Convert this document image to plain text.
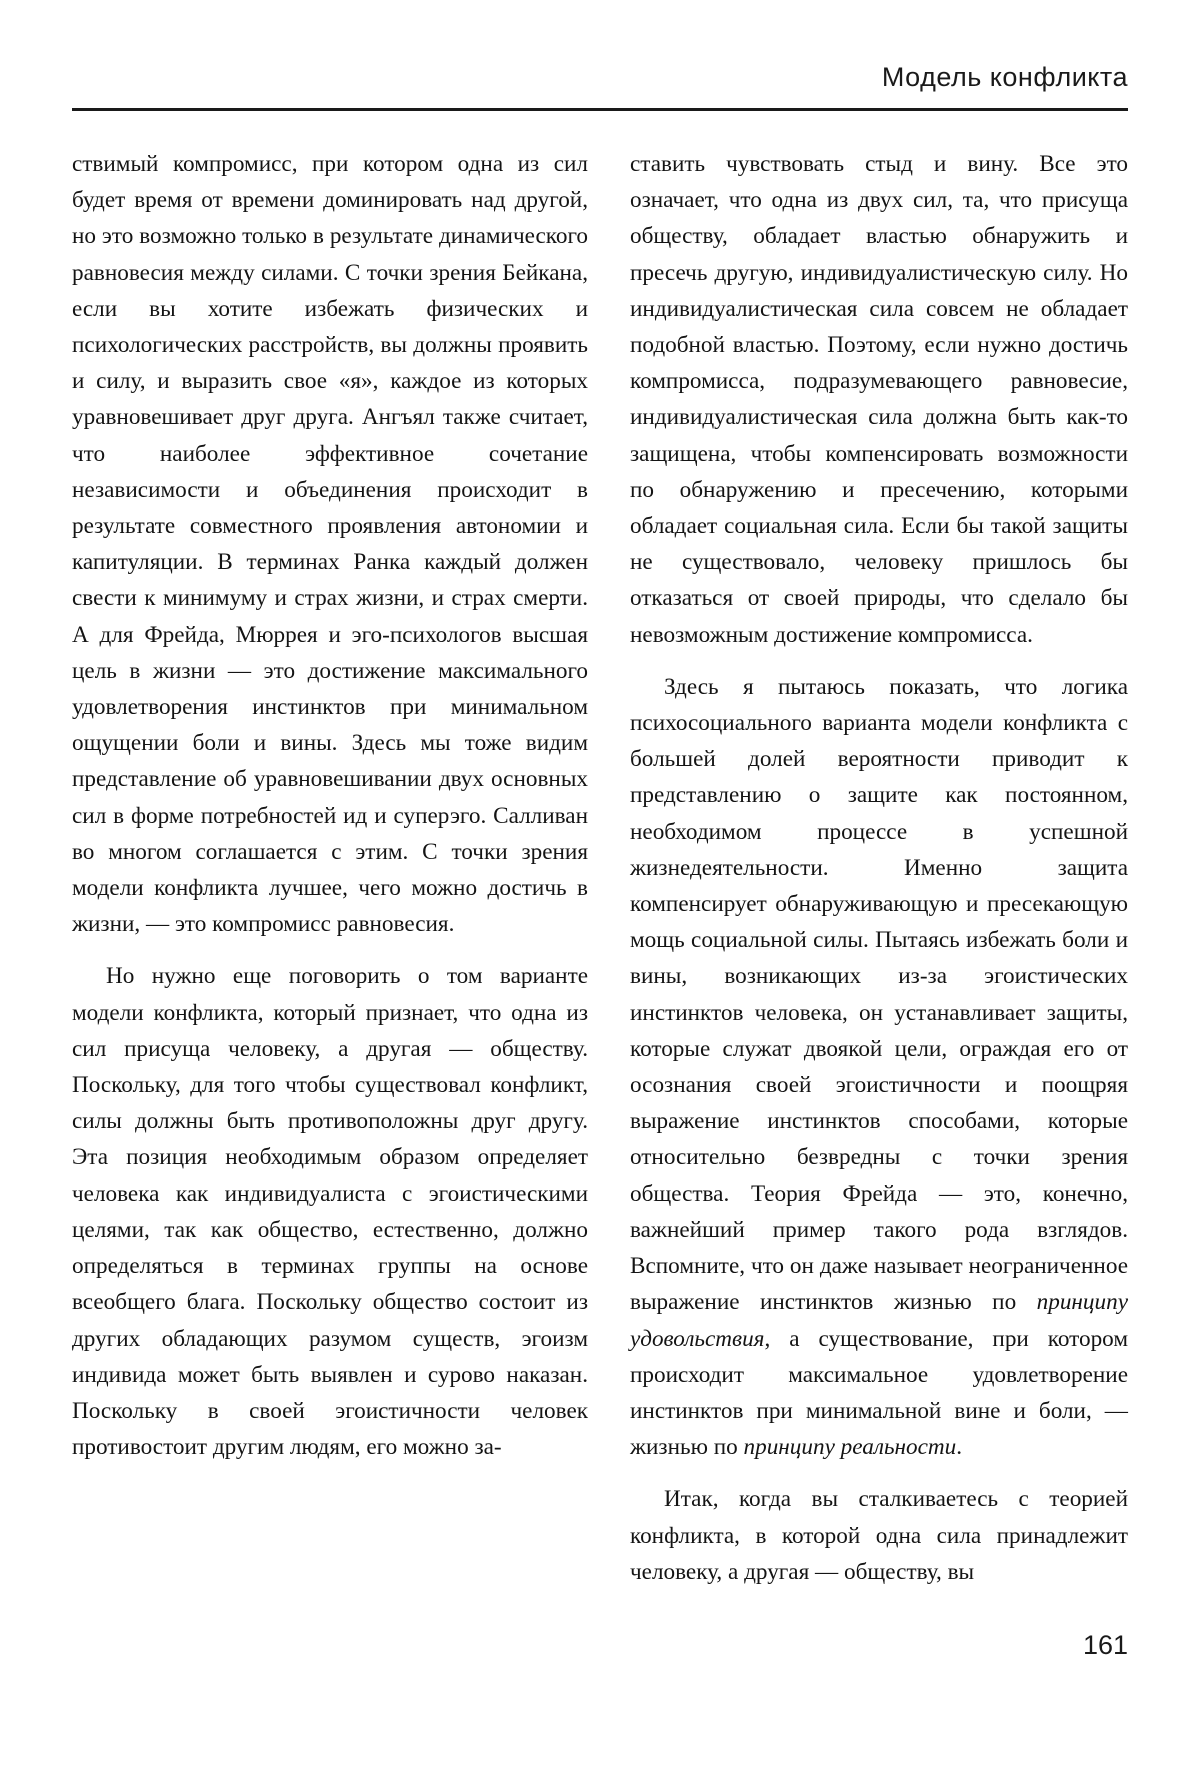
Модель конфликта

ствимый компромисс, при котором одна из сил будет время от времени доминировать над другой, но это возможно только в результате динамического равновесия между силами. С точки зрения Бейкана, если вы хотите избежать физических и психологических расстройств, вы должны проявить и силу, и выразить свое «я», каждое из которых уравновешивает друг друга. Ангъял также считает, что наиболее эффективное сочетание независимости и объединения происходит в результате совместного проявления автономии и капитуляции. В терминах Ранка каждый должен свести к минимуму и страх жизни, и страх смерти. А для Фрейда, Мюррея и эго-психологов высшая цель в жизни — это достижение максимального удовлетворения инстинктов при минимальном ощущении боли и вины. Здесь мы тоже видим представление об уравновешивании двух основных сил в форме потребностей ид и суперэго. Салливан во многом соглашается с этим. С точки зрения модели конфликта лучшее, чего можно достичь в жизни, — это компромисс равновесия.

Но нужно еще поговорить о том варианте модели конфликта, который признает, что одна из сил присуща человеку, а другая — обществу. Поскольку, для того чтобы существовал конфликт, силы должны быть противоположны друг другу. Эта позиция необходимым образом определяет человека как индивидуалиста с эгоистическими целями, так как общество, естественно, должно определяться в терминах группы на основе всеобщего блага. Поскольку общество состоит из других обладающих разумом существ, эгоизм индивида может быть выявлен и сурово наказан. Поскольку в своей эгоистичности человек противостоит другим людям, его можно за-

ставить чувствовать стыд и вину. Все это означает, что одна из двух сил, та, что присуща обществу, обладает властью обнаружить и пресечь другую, индивидуалистическую силу. Но индивидуалистическая сила совсем не обладает подобной властью. Поэтому, если нужно достичь компромисса, подразумевающего равновесие, индивидуалистическая сила должна быть как-то защищена, чтобы компенсировать возможности по обнаружению и пресечению, которыми обладает социальная сила. Если бы такой защиты не существовало, человеку пришлось бы отказаться от своей природы, что сделало бы невозможным достижение компромисса.

Здесь я пытаюсь показать, что логика психосоциального варианта модели конфликта с большей долей вероятности приводит к представлению о защите как постоянном, необходимом процессе в успешной жизнедеятельности. Именно защита компенсирует обнаруживающую и пресекающую мощь социальной силы. Пытаясь избежать боли и вины, возникающих из-за эгоистических инстинктов человека, он устанавливает защиты, которые служат двоякой цели, ограждая его от осознания своей эгоистичности и поощряя выражение инстинктов способами, которые относительно безвредны с точки зрения общества. Теория Фрейда — это, конечно, важнейший пример такого рода взглядов. Вспомните, что он даже называет неограниченное выражение инстинктов жизнью по принципу удовольствия, а существование, при котором происходит максимальное удовлетворение инстинктов при минимальной вине и боли, — жизнью по принципу реальности.

Итак, когда вы сталкиваетесь с теорией конфликта, в которой одна сила принадлежит человеку, а другая — обществу, вы

161
